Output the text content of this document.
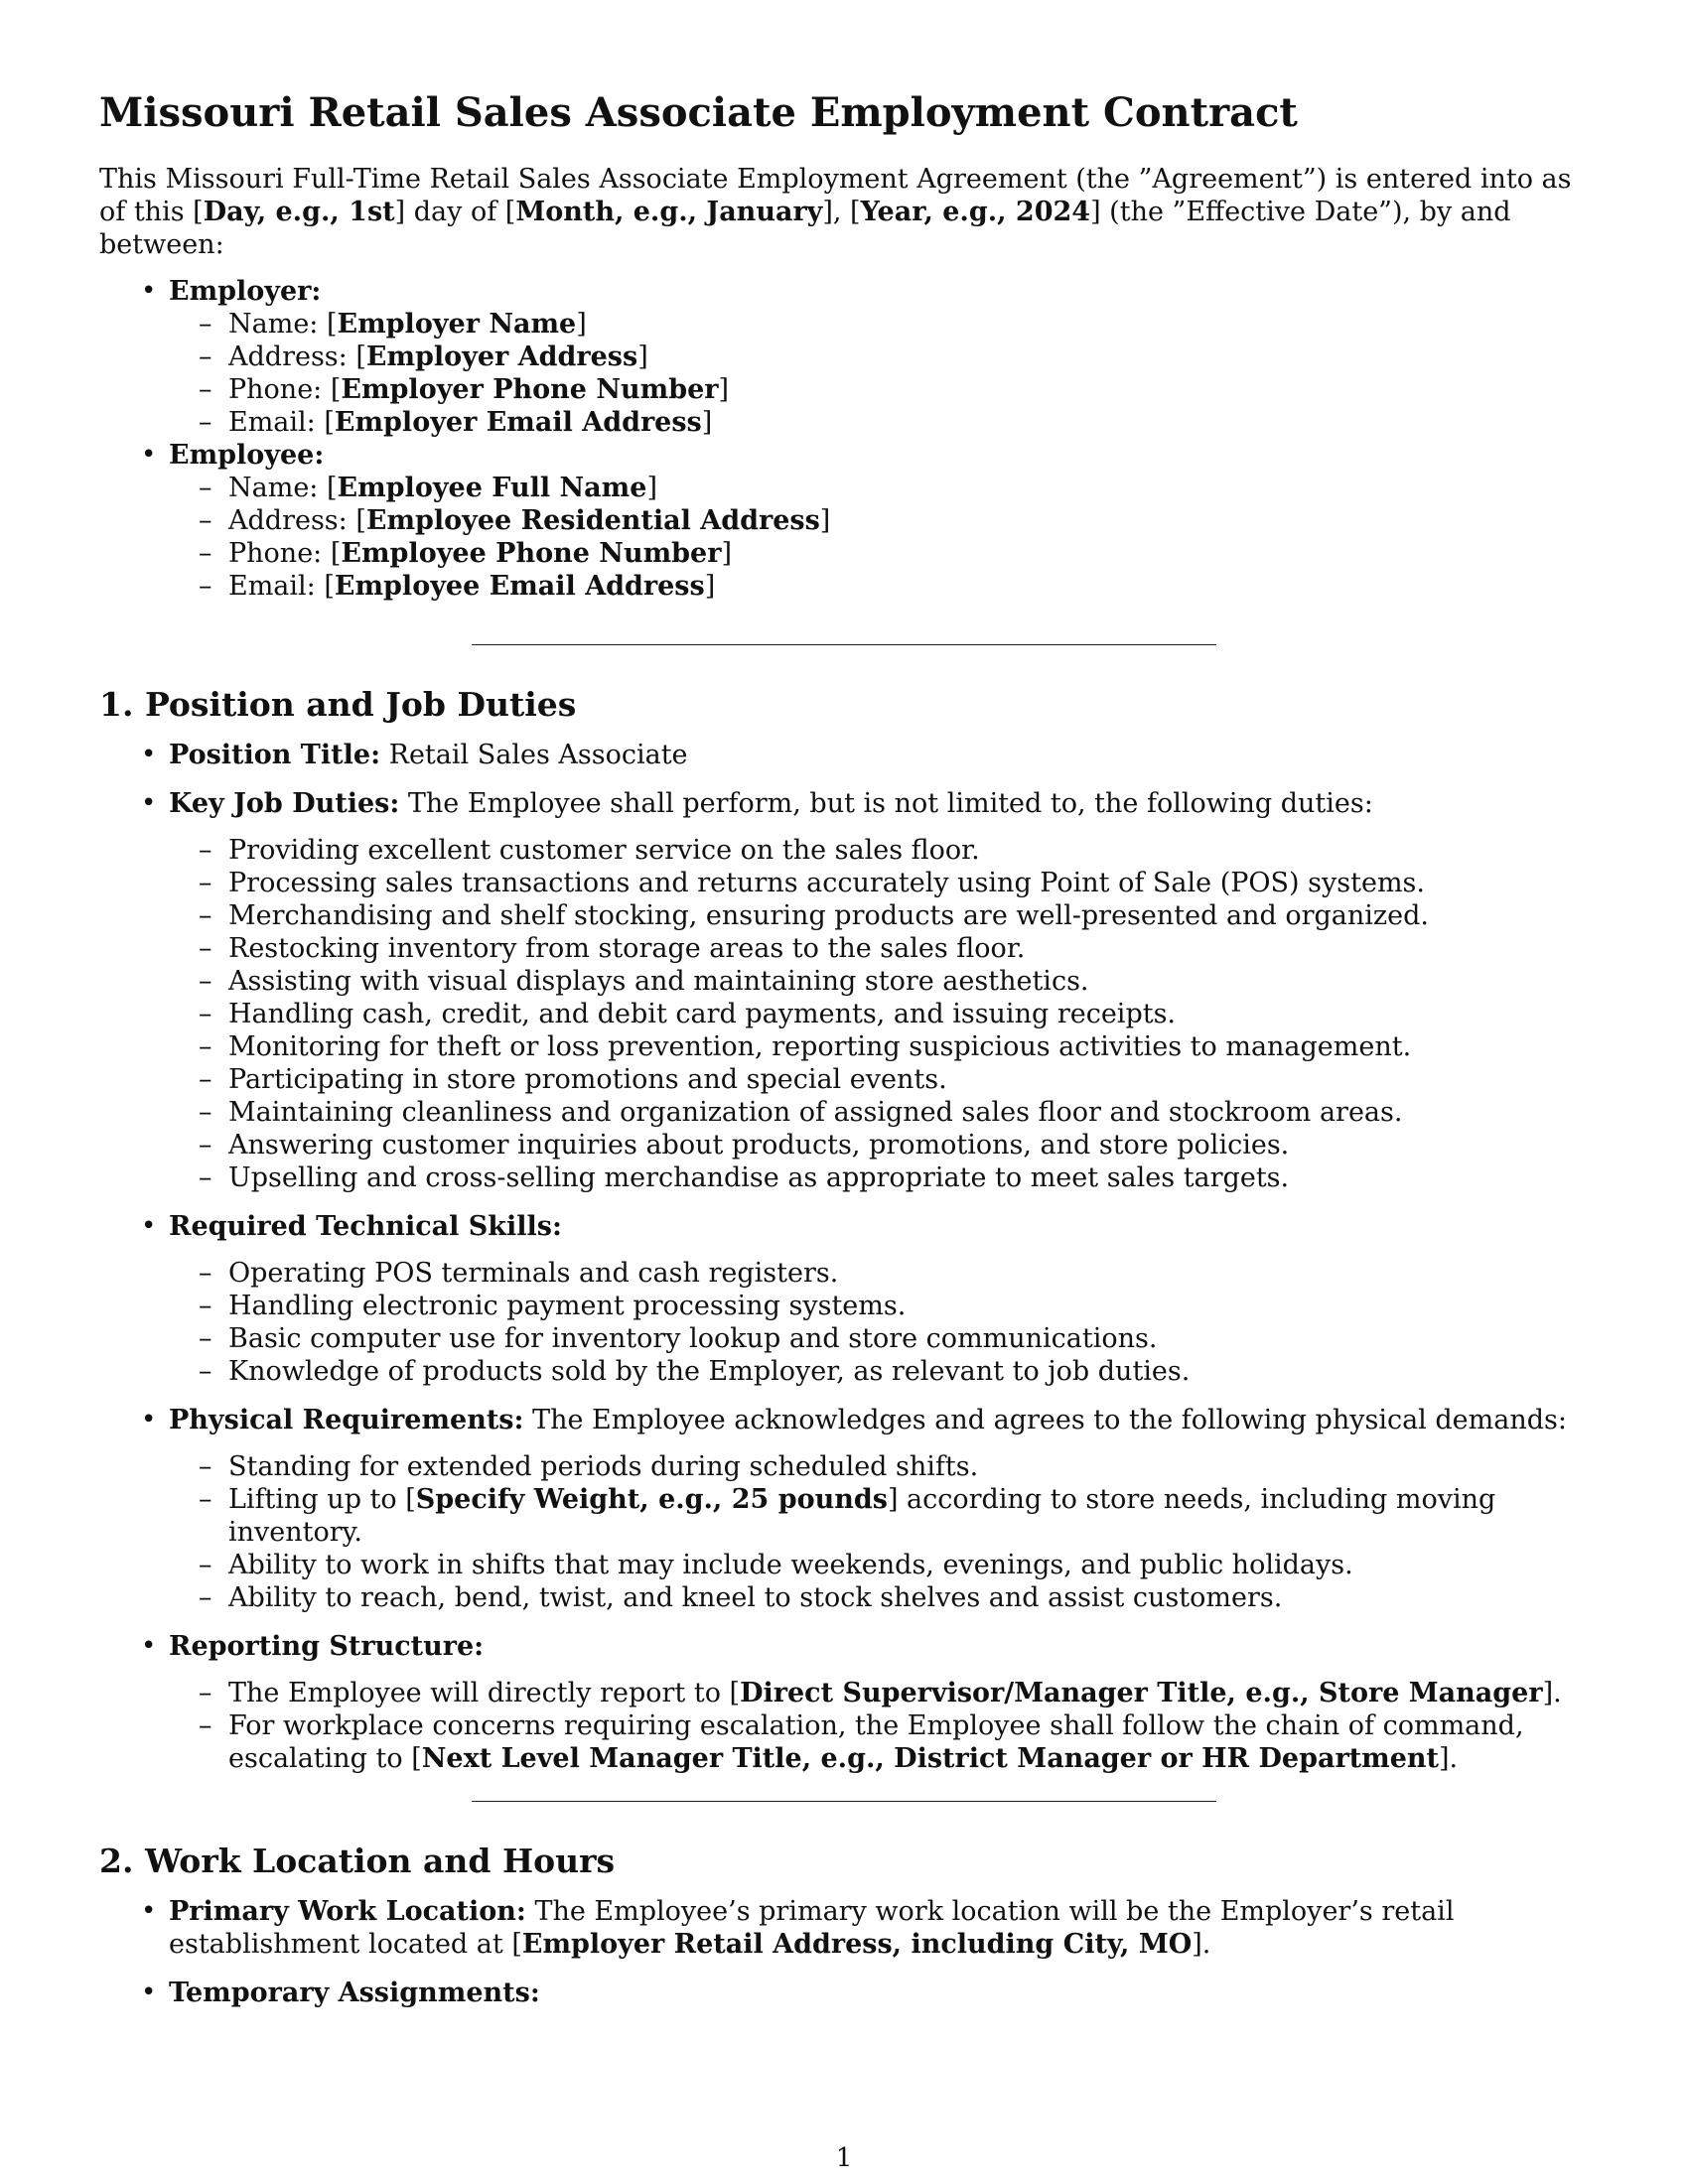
Missouri Retail Sales Associate Employment Contract

This Missouri Full-Time Retail Sales Associate Employment Agreement (the ”Agreement”) is entered into as of this [Day, e.g., 1st] day of [Month, e.g., January], [Year, e.g., 2024] (the ”Effective Date”), by and between:

• Employer:
– Name: [Employer Name]
– Address: [Employer Address]
– Phone: [Employer Phone Number]
– Email: [Employer Email Address]
• Employee:
– Name: [Employee Full Name]
– Address: [Employee Residential Address]
– Phone: [Employee Phone Number]
– Email: [Employee Email Address]
1. Position and Job Duties
• Position Title: Retail Sales Associate
• Key Job Duties: The Employee shall perform, but is not limited to, the following duties:
– Providing excellent customer service on the sales floor.
– Processing sales transactions and returns accurately using Point of Sale (POS) systems.
– Merchandising and shelf stocking, ensuring products are well-presented and organized.
– Restocking inventory from storage areas to the sales floor.
– Assisting with visual displays and maintaining store aesthetics.
– Handling cash, credit, and debit card payments, and issuing receipts.
– Monitoring for theft or loss prevention, reporting suspicious activities to management.
– Participating in store promotions and special events.
– Maintaining cleanliness and organization of assigned sales floor and stockroom areas.
– Answering customer inquiries about products, promotions, and store policies.
– Upselling and cross-selling merchandise as appropriate to meet sales targets.
• Required Technical Skills:
– Operating POS terminals and cash registers.
– Handling electronic payment processing systems.
– Basic computer use for inventory lookup and store communications.
– Knowledge of products sold by the Employer, as relevant to job duties.
• Physical Requirements: The Employee acknowledges and agrees to the following physical demands:
– Standing for extended periods during scheduled shifts.
– Lifting up to [Specify Weight, e.g., 25 pounds] according to store needs, including moving inventory.
– Ability to work in shifts that may include weekends, evenings, and public holidays.
– Ability to reach, bend, twist, and kneel to stock shelves and assist customers.
• Reporting Structure:
– The Employee will directly report to [Direct Supervisor/Manager Title, e.g., Store Manager].
– For workplace concerns requiring escalation, the Employee shall follow the chain of command, escalating to [Next Level Manager Title, e.g., District Manager or HR Department].
2. Work Location and Hours
• Primary Work Location: The Employee’s primary work location will be the Employer’s retail establishment located at [Employer Retail Address, including City, MO].
• Temporary Assignments:
1
